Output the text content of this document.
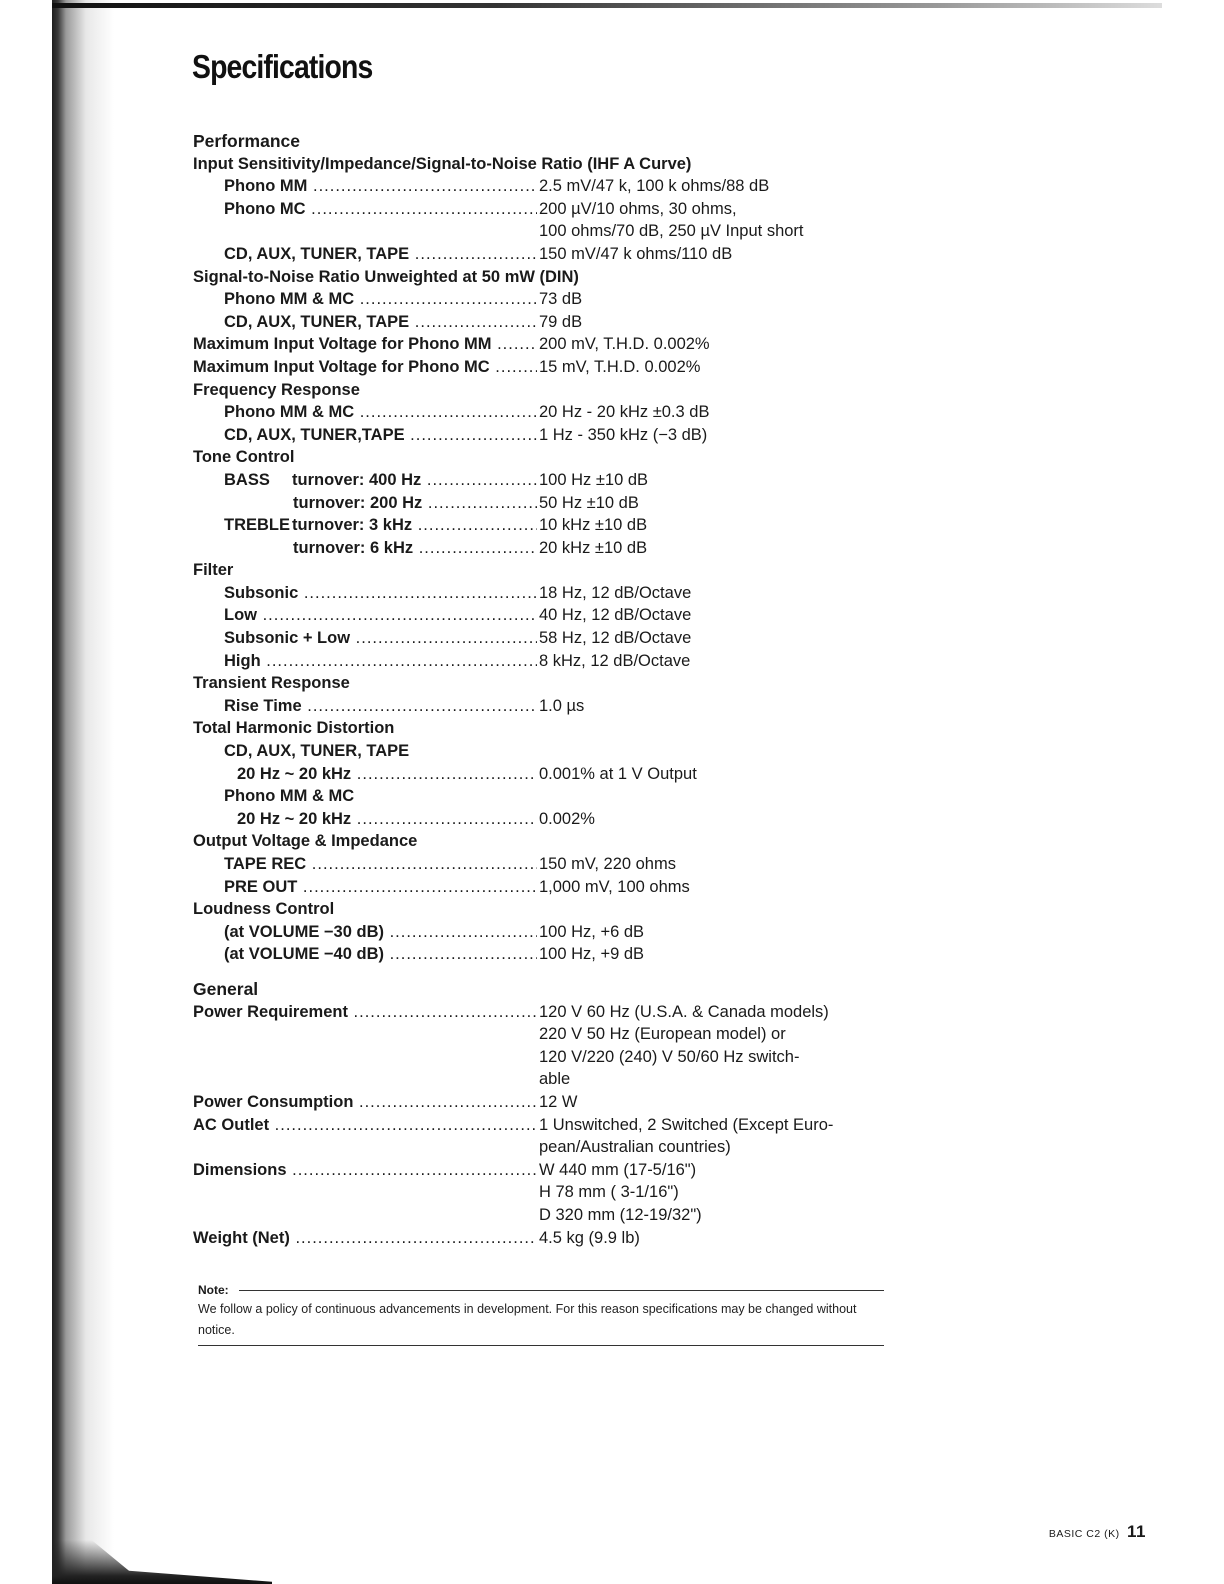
Specifications
Performance
Input Sensitivity/Impedance/Signal-to-Noise Ratio (IHF A Curve)
Phono MM .....	2.5 mV/47 k, 100 k ohms/88 dB
Phono MC .....	200 µV/10 ohms, 30 ohms,
100 ohms/70 dB, 250 µV Input short
CD, AUX, TUNER, TAPE .....	150 mV/47 k ohms/110 dB
Signal-to-Noise Ratio Unweighted at 50 mW (DIN)
Phono MM & MC .....	73 dB
CD, AUX, TUNER, TAPE .....	79 dB
Maximum Input Voltage for Phono MM .....	200 mV, T.H.D. 0.002%
Maximum Input Voltage for Phono MC .....	15 mV, T.H.D. 0.002%
Frequency Response
Phono MM & MC .....	20 Hz - 20 kHz ±0.3 dB
CD, AUX, TUNER,TAPE .....	1 Hz - 350 kHz (−3 dB)
Tone Control
BASS turnover: 400 Hz .....	100 Hz ±10 dB
turnover: 200 Hz .....	50 Hz ±10 dB
TREBLE turnover: 3 kHz .....	10 kHz ±10 dB
turnover: 6 kHz .....	20 kHz ±10 dB
Filter
Subsonic .....	18 Hz, 12 dB/Octave
Low .....	40 Hz, 12 dB/Octave
Subsonic + Low .....	58 Hz, 12 dB/Octave
High .....	8 kHz, 12 dB/Octave
Transient Response
Rise Time .....	1.0 µs
Total Harmonic Distortion
CD, AUX, TUNER, TAPE
20 Hz ~ 20 kHz .....	0.001% at 1 V Output
Phono MM & MC
20 Hz ~ 20 kHz .....	0.002%
Output Voltage & Impedance
TAPE REC .....	150 mV, 220 ohms
PRE OUT .....	1,000 mV, 100 ohms
Loudness Control
(at VOLUME −30 dB) .....	100 Hz, +6 dB
(at VOLUME −40 dB) .....	100 Hz, +9 dB
General
Power Requirement .....	120 V 60 Hz (U.S.A. & Canada models)
220 V 50 Hz (European model) or
120 V/220 (240) V 50/60 Hz switch-
able
Power Consumption .....	12 W
AC Outlet .....	1 Unswitched, 2 Switched (Except Euro-
pean/Australian countries)
Dimensions .....	W 440 mm (17-5/16")
H 78 mm ( 3-1/16")
D 320 mm (12-19/32")
Weight (Net) .....	4.5 kg (9.9 lb)
Note:
We follow a policy of continuous advancements in development. For this reason specifications may be changed without notice.
BASIC C2 (K) 11
